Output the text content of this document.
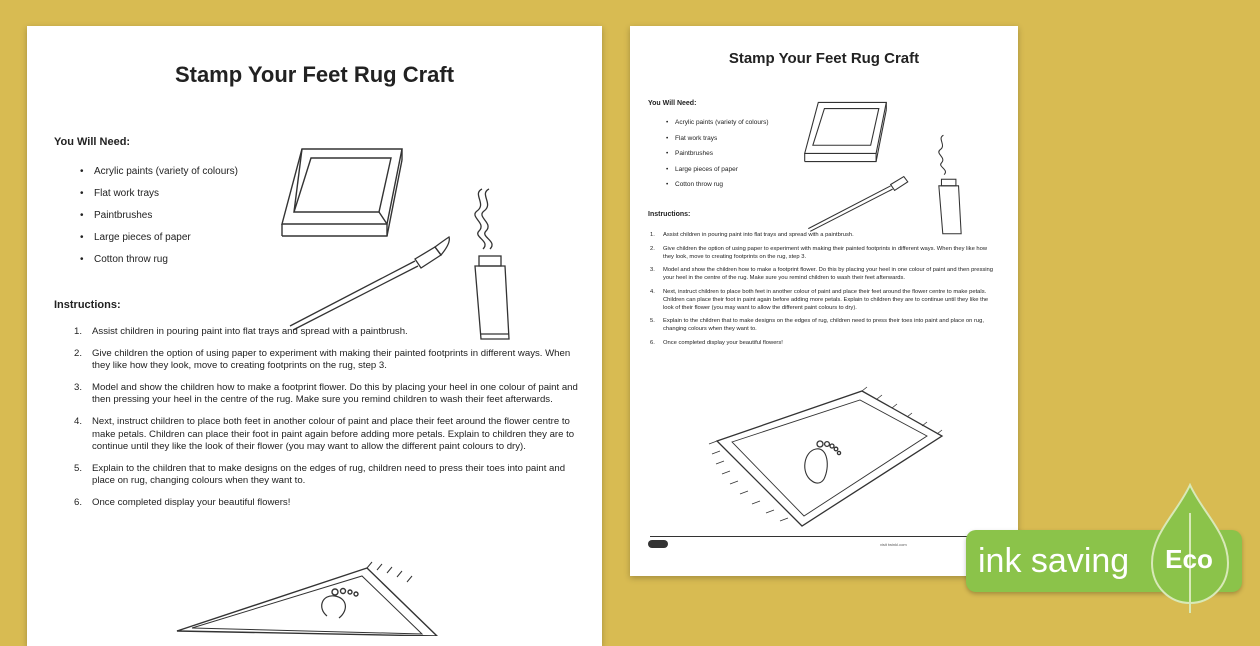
Stamp Your Feet Rug Craft
You Will Need:
• Acrylic paints (variety of colours)
• Flat work trays
• Paintbrushes
• Large pieces of paper
• Cotton throw rug
Instructions:
1. Assist children in pouring paint into flat trays and spread with a paintbrush.
2. Give children the option of using paper to experiment with making their painted footprints in different ways. When they like how they look, move to creating footprints on the rug, step 3.
3. Model and show the children how to make a footprint flower. Do this by placing your heel in one colour of paint and then pressing your heel in the centre of the rug. Make sure you remind children to wash their feet afterwards.
4. Next, instruct children to place both feet in another colour of paint and place their feet around the flower centre to make petals. Children can place their foot in paint again before adding more petals. Explain to children they are to continue until they like the look of their flower (you may want to allow the different paint colours to dry).
5. Explain to the children that to make designs on the edges of rug, children need to press their toes into paint and place on rug, changing colours when they want to.
6. Once completed display your beautiful flowers!
Stamp Your Feet Rug Craft
You Will Need:
• Acrylic paints (variety of colours)
• Flat work trays
• Paintbrushes
• Large pieces of paper
• Cotton throw rug
Instructions:
1. Assist children in pouring paint into flat trays and spread with a paintbrush.
2. Give children the option of using paper to experiment with making their painted footprints in different ways. When they like how they look, move to creating footprints on the rug, step 3.
3. Model and show the children how to make a footprint flower. Do this by placing your heel in one colour of paint and then pressing your heel in the centre of the rug. Make sure you remind children to wash their feet afterwards.
4. Next, instruct children to place both feet in another colour of paint and place their feet around the flower centre to make petals. Children can place their foot in paint again before adding more petals. Explain to children they are to continue until they like the look of their flower (you may want to allow the different paint colours to dry).
5. Explain to the children that to make designs on the edges of rug, children need to press their toes into paint and place on rug, changing colours when they want to.
6. Once completed display your beautiful flowers!
visit twinkl.com ink saving Eco
